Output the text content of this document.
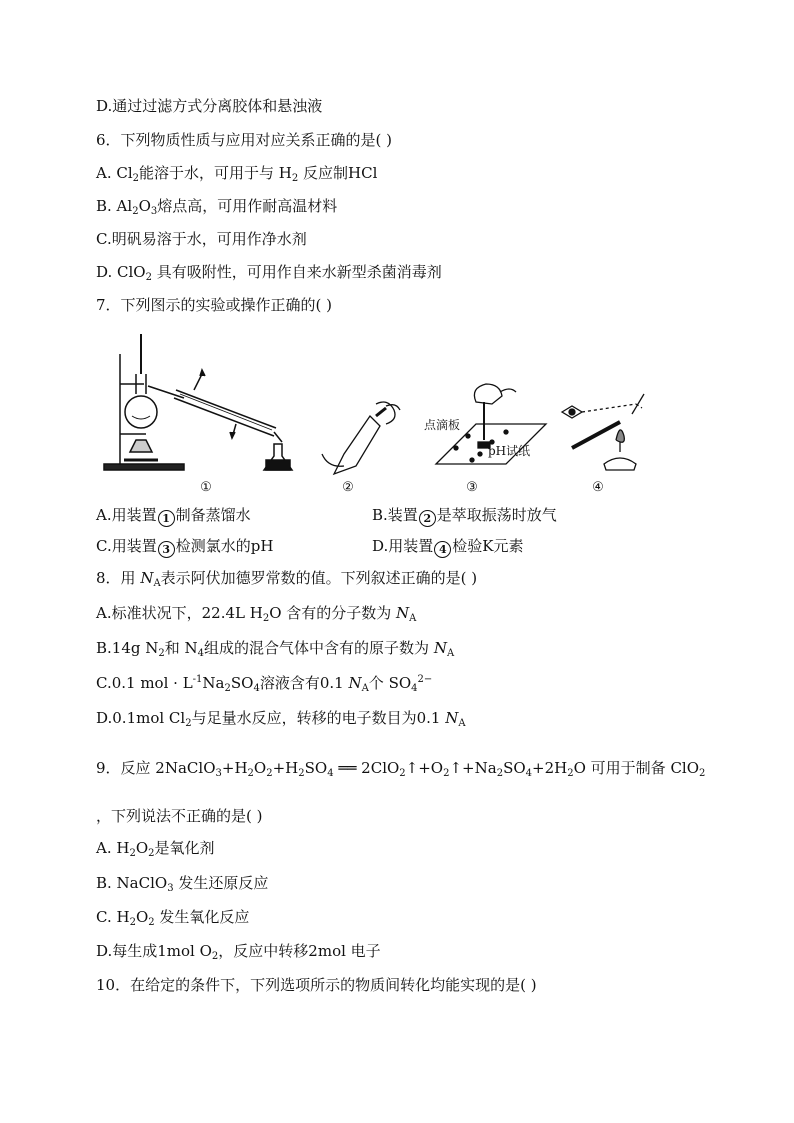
D.通过过滤方式分离胶体和悬浊液
6．下列物质性质与应用对应关系正确的是( )
A. $Cl_2$能溶于水，可用于与 $H_2$ 反应制HCl
B. $Al_2O_3$熔点高，可用作耐高温材料
C.明矾易溶于水，可用作净水剂
D. ClO$_2$ 具有吸附性，可用作自来水新型杀菌消毒剂
7．下列图示的实验或操作正确的( )
点滴板
pH试纸
①	②	③	④
A.用装置 1 制备蒸馏水	B.装置 2 是萃取振荡时放气
C.用装置 3 检测氯水的pH	D.用装置 4 检验K元素
8．用 $N_A$表示阿伏加德罗常数的值。下列叙述正确的是( )
A.标准状况下，22.4L $H_2O$ 含有的分子数为 $N_A$
B.14g $N_2$和 $N_4$组成的混合气体中含有的原子数为 $N_A$
C.0.1 mol · $L^{-1}Na_2SO_4$溶液含有0.1 $N_A$个 $SO_4^{2-}$
D.0.1mol $Cl_2$与足量水反应，转移的电子数目为0.1 $N_A$
9．反应 $2NaClO_3+H_2O_2+H_2SO_4$ ══ $2ClO_2↑+O_2↑+Na_2SO_4+2H_2O$ 可用于制备 ClO$_2$
，下列说法不正确的是( )
A. $H_2O_2$是氧化剂
B. NaClO$_3$ 发生还原反应
C. $H_2O_2$ 发生氧化反应
D.每生成1mol $O_2$，反应中转移2mol 电子
10．在给定的条件下，下列选项所示的物质间转化均能实现的是( )
